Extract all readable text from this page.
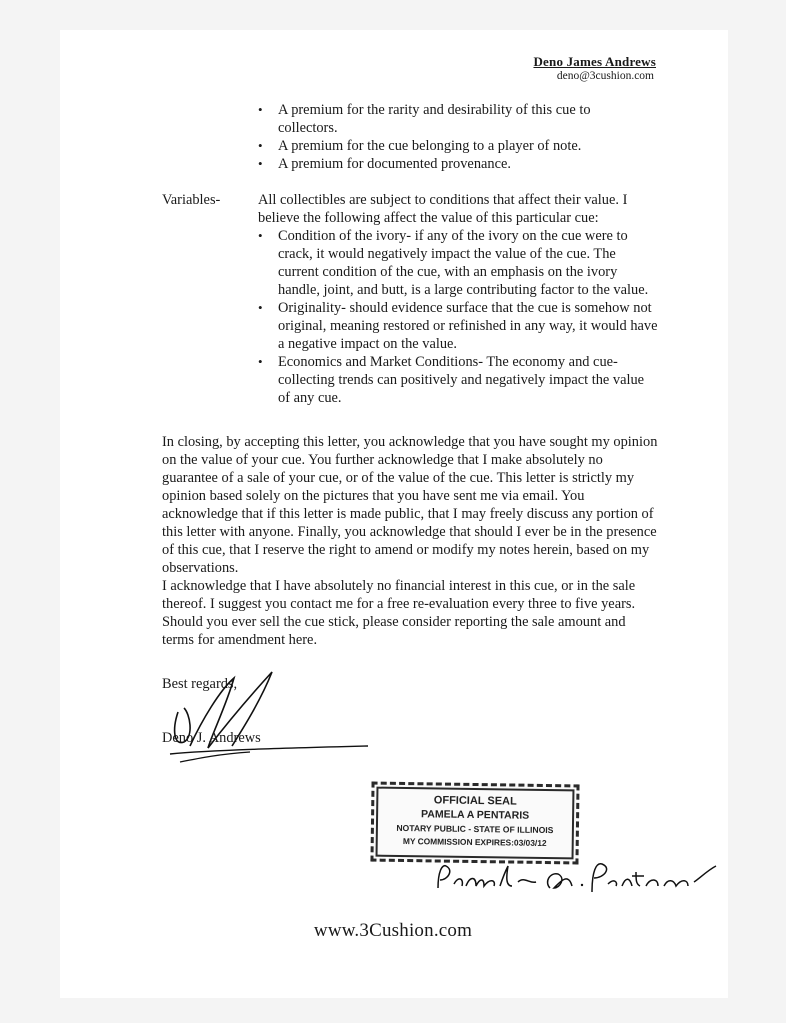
Deno James Andrews
deno@3cushion.com
• A premium for the rarity and desirability of this cue to collectors.
• A premium for the cue belonging to a player of note.
• A premium for documented provenance.
Variables-	All collectibles are subject to conditions that affect their value. I believe the following affect the value of this particular cue:
• Condition of the ivory- if any of the ivory on the cue were to crack, it would negatively impact the value of the cue. The current condition of the cue, with an emphasis on the ivory handle, joint, and butt, is a large contributing factor to the value.
• Originality- should evidence surface that the cue is somehow not original, meaning restored or refinished in any way, it would have a negative impact on the value.
• Economics and Market Conditions- The economy and cue-collecting trends can positively and negatively impact the value of any cue.
In closing, by accepting this letter, you acknowledge that you have sought my opinion on the value of your cue. You further acknowledge that I make absolutely no guarantee of a sale of your cue, or of the value of the cue. This letter is strictly my opinion based solely on the pictures that you have sent me via email. You acknowledge that if this letter is made public, that I may freely discuss any portion of this letter with anyone. Finally, you acknowledge that should I ever be in the presence of this cue, that I reserve the right to amend or modify my notes herein, based on my observations.
I acknowledge that I have absolutely no financial interest in this cue, or in the sale thereof. I suggest you contact me for a free re-evaluation every three to five years. Should you ever sell the cue stick, please consider reporting the sale amount and terms for amendment here.
Best regards,
Deno J. Andrews
OFFICIAL SEAL
PAMELA A PENTARIS
NOTARY PUBLIC - STATE OF ILLINOIS
MY COMMISSION EXPIRES:03/03/12
www.3Cushion.com
